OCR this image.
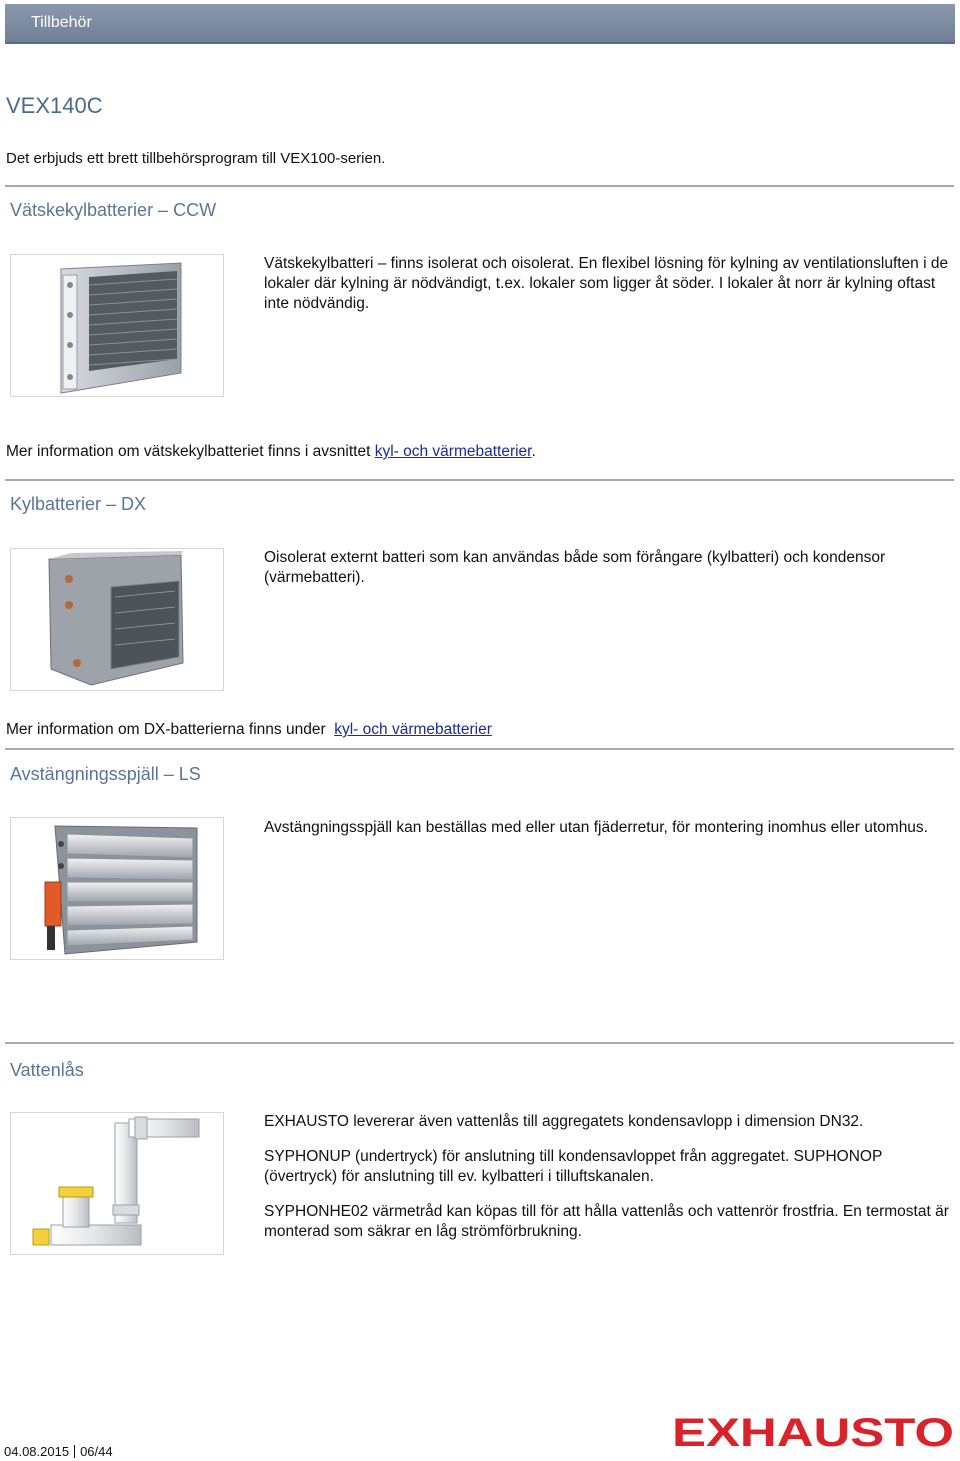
Tillbehör
VEX140C
Det erbjuds ett brett tillbehörsprogram till VEX100-serien.
Vätskekylbatterier – CCW

Vätskekylbatteri – finns isolerat och oisolerat. En flexibel lösning för kylning av ventilationsluften i de lokaler där kylning är nödvändigt, t.ex. lokaler som ligger åt söder. I lokaler åt norr är kylning oftast inte nödvändig.

Mer information om vätskekylbatteriet finns i avsnittet kyl- och värmebatterier.
Kylbatterier – DX

Oisolerat externt batteri som kan användas både som förångare (kylbatteri) och kondensor (värmebatteri).

Mer information om DX-batterierna finns under  kyl- och värmebatterier
Avstängningsspjäll – LS

Avstängningsspjäll kan beställas med eller utan fjäderretur, för montering inomhus eller utomhus.

Vattenlås

EXHAUSTO levererar även vattenlås till aggregatets kondensavlopp i dimension DN32.

SYPHONUP (undertryck) för anslutning till kondensavloppet från aggregatet. SUPHONOP (övertryck) för anslutning till ev. kylbatteri i tilluftskanalen.

SYPHONHE02 värmetråd kan köpas till för att hålla vattenlås och vattenrör frostfria. En termostat är monterad som säkrar en låg strömförbrukning.

04.08.2015 06/44	EXHAUSTO
